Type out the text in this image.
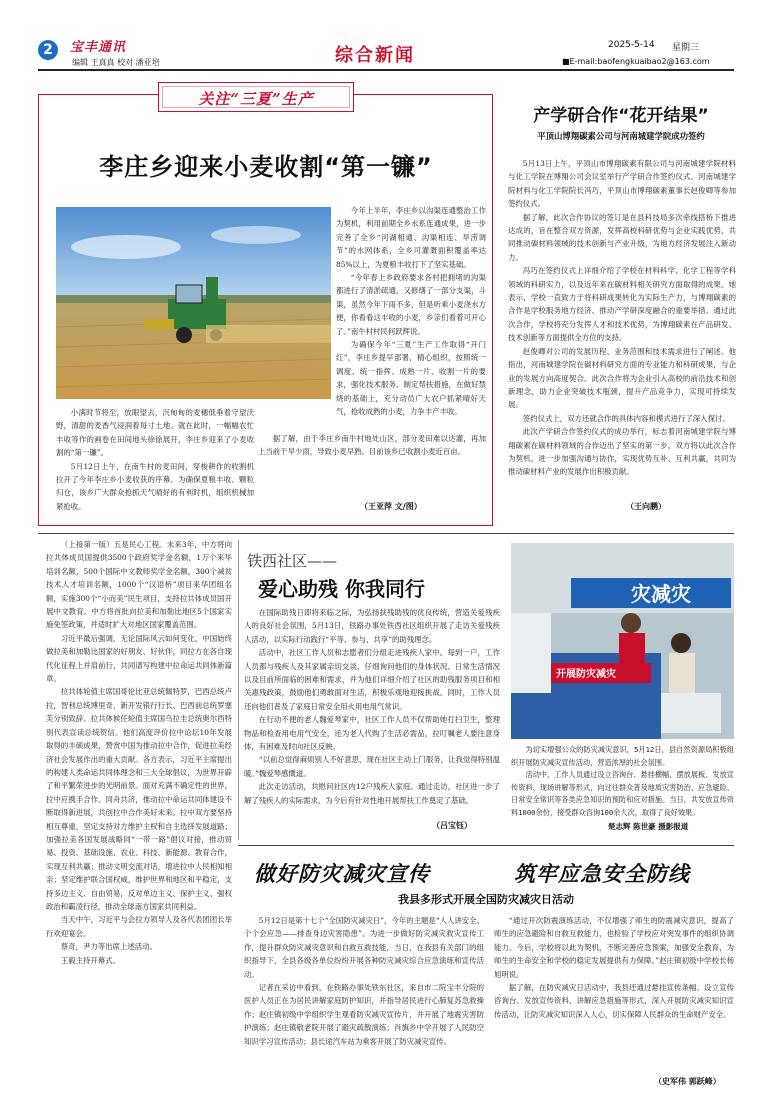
2	宝丰通讯
编辑 王真真 校对 潘亚培	综合新闻	2025-5-14 星期三
■E-mail:baofengkuaibao2@163.com
关注“三夏”生产
李庄乡迎来小麦收割“第一镰”

今年上半年，李庄乡以沟渠连通整治工作为契机，利用前期全乡水系连通成果，进一步完善了全乡“河湖相通、沟渠相连、旱涝调节”的水网体系，全乡可灌溉面积覆盖率达85%以上，为夏粮丰收打下了坚实基础。

“今年春上乡政府要求各村把拥堵的沟渠都进行了清淤疏通，又修缮了一部分支渠，斗渠，虽然今年下雨不多，但是听乘小麦浇水方便，你看看这丰收的小麦，乡亲们看着可开心了。”南牛村村民何跃辉说。

为确保今年“三夏”生产工作取得“开门红”，李庄乡提早部署，精心组织，按照统一调度、统一指挥、成熟一片、收割一片的要求，强化技术服务、制定帮扶措施，在做好禁烧的基础上，充分动员广大农户抓紧晴好天气，抢收成熟的小麦，力争丰产丰收。

小满时节将至，放眼望去，沉甸甸的麦穗低垂着守望沃野，清甜的麦香气浸润着每寸土地。就在此时，一幅幅农忙丰收等作的画卷在田间地头徐徐展开，李庄乡迎来了小麦收割的“第一镰”。

5月12日上午，在南牛村的麦田间，穿梭耕作的收割机拉开了今年李庄乡小麦收获的序幕。为确保夏粮丰收、颗粒归仓，该乡广大群众抢抓天气晴好的有利时机，组织机械加紧抢收。

据了解，由于李庄乡南牛村地处山区，部分麦田难以达灌，再加上当前干旱少雨，导致小麦早熟。目前该乡已收割小麦近百亩。

（王亚萍 文/图）
产学研合作“花开结果”
平顶山博翔碳素公司与河南城建学院成功签约

5月13日上午，平顶山市博翔碳素有限公司与河南城建学院材料与化工学院在博翔公司会议室举行产学研合作签约仪式。河南城建学院材料与化工学院院长冯巧，平顶山市博翔碳素董事长赵俊卿等参加签约仪式。

据了解，此次合作协议的签订是在县科技局多次牵线搭桥下推进达成的，旨在整合双方资源，发挥高校科研优势与企业实践优势，共同推动碳材料领域的技术创新与产业升级，为地方经济发展注入新动力。

冯巧在签约仪式上详细介绍了学校在材料科学、化学工程等学科领域的科研实力，以及近年来在碳材料相关研究方面取得的成果。她表示，学校一直致力于将科研成果转化为实际生产力，与博翔碳素的合作是学校服务地方经济、推动产学研深度融合的重要举措。通过此次合作，学校将充分发挥人才和技术优势，为博翔碳素在产品研发、技术创新等方面提供全方位的支持。

赵俊卿对公司的发展历程、业务范围和技术需求进行了阐述。他指出，河南城建学院在碳材料研究方面的专业能力和科研成果，与企业的发展方向高度契合。此次合作将为企业引入高校的前沿技术和创新理念，助力企业突破技术瓶颈，提升产品竞争力，实现可持续发展。

签约仪式上，双方还就合作的具体内容和模式进行了深入探讨。

此次产学研合作签约仪式的成功举行，标志着河南城建学院与博翔碳素在碳材料领域的合作迈出了坚实的第一步。双方将以此次合作为契机，进一步加强沟通与协作，实现优势互补、互利共赢，共同为推动碳材料产业的发展作出积极贡献。

（王向鹏）

（上接第一版）五是民心工程。未来3年，中方将向拉共体成员国提供3500个政府奖学金名额，1万个来华培训名额，500个国际中文教师奖学金名额，300个减贫技术人才培训名额，1000个“汉语桥”项目来华团组名额，实施300个“小而美”民生项目，支持拉共体成员国开展中文教育。中方将首批向拉美和加勒比地区5个国家实施免签政策，并适时扩大对地区国家覆盖范围。

习近平最后强调，无论国际风云如何变化，中国始终做拉美和加勒比国家的好朋友、好伙伴，同拉方在各自现代化征程上并肩前行，共同谱写构建中拉命运共同体新篇章。

拉共体轮值主席国哥伦比亚总统佩特罗，巴西总统卢拉，智利总统博里奇，新开发银行行长、巴西前总统罗塞芙分别致辞。拉共体候任轮值主席国乌拉圭总统奥尔西特别代表宣读总统贺信。他们高度评价拉中论坛10年发展取得的丰硕成果，赞赏中国为推动拉中合作，促进拉美经济社会发展作出的重大贡献。各方表示，习近平主席提出的构建人类命运共同体理念和三大全球倡议，为世界开辟了和平繁荣进步的光明前景。面对充满不确定性的世界，拉中应携手合作、同舟共济，推动拉中命运共同体建设不断取得新进展，共创拉中合作美好未来。拉中双方要坚持相互尊重，坚定支持对方维护主权和自主选择发展道路；加强拉美各国发展战略同“一带一路”倡议对接，推动贸易、投资、基础设施、农业、科技、新能源、教育合作，实现互利共赢；推动文明交流对话，增进拉中人民相知相亲；坚定维护联合国权威，维护世界和地区和平稳定，支持多边主义、自由贸易，反对单边主义、保护主义、强权政治和霸凌行径，推动全球南方国家共同利益。

当天中午，习近平与会拉方领导人及各代表团团长举行欢迎宴会。

蔡奇，尹力等出席上述活动。

王毅主持开幕式。

铁西社区——
爱心助残 你我同行

在国际助残日即将来临之际，为弘扬扶残助残的优良传统，营造关爱残疾人的良好社会氛围，5月13日，铁路办事处铁西社区组织开展了走访关爱残疾人活动，以实际行动践行“平等、参与、共享”的助残理念。

活动中，社区工作人员和志愿者们分组走进残疾人家中。每到一户，工作人员都与残疾人及其家属亲切交谈，仔细询问他们的身体状况、日常生活情况以及目前所面临的困难和需求，并为他们详细介绍了社区的助残服务项目和相关惠残政策，鼓励他们勇敢面对生活，积极乐观地迎接挑战。同时，工作人员还向他们普及了家庭日常安全用火用电用气常识。

在行动不便的老人魏爱琴家中，社区工作人员不仅帮助她打扫卫生，整理物品和检查用电用气安全，还为老人代购了生活必需品，拉叮嘱老人要注意身体，有困难及时向社区反映。

“以前总觉得麻烦别人不好意思，现在社区主动上门服务，让我觉得特别温暖。”魏爱琴感慨道。

此次走访活动，共慰问社区内12户残疾人家庭。通过走访，社区进一步了解了残疾人的实际需求，为今后有针对性地开展帮扶工作奠定了基础。

（吕宝钰）
灾减灾
开展防灾减灾

为切实增强公众的防灾减灾意识，5月12日，县自然资源局积极组织开展防灾减灾宣传活动，营造浓厚的社会氛围。

活动中，工作人员通过设立咨询台、悬挂横幅、摆放展板、发放宣传资料、现场讲解等形式，向过往群众普及地质灾害防治、应急避险、日常安全常识等各类应急知识的预防和应对措施。当日，共发放宣传资料1000余份，接受群众咨询100余人次，取得了良好效果。

楚志辉 陈世豪 摄影报道
做好防灾减灾宣传	筑牢应急安全防线
我县多形式开展全国防灾减灾日活动

5月12日是第十七个“全国防灾减灾日”，今年的主题是“人人讲安全、个个会应急——排查身边灾害隐患”。为进一步做好防灾减灾救灾宣传工作，提升群众防灾减灾意识和自救互救技能，当日，在我县有关部门的组织指导下，全县各级各单位纷纷开展各种防灾减灾综合应急演练和宣传活动。

记者在采访中看到，在铁路办事处铁东社区，来自市二院宝丰分院的医护人员正在为居民讲解家庭防护知识，并指导居民进行心肺复苏急救操作；赵庄镇初级中学组织学生观看防灾减灾宣传片，并开展了地震灾害防护演练；赵庄镇敬老院开展了避灾疏散演练；肖旗乡中学开展了人民防空知识学习宣传活动；县长途汽车站为乘客开展了防灾减灾宣传。

“通过开次防震演练活动，不仅增强了师生的防震减灾意识，提高了师生的应急避险和自救互救能力，也检验了学校应对突发事件的组织协调能力。今后，学校将以此为契机，不断完善应急预案，加强安全教育，为师生的生命安全和学校的稳定发展提供有力保障。”赵庄镇初级中学校长杨旭明说。

据了解，在防灾减灾日活动中，我县还通过悬挂宣传条幅、设立宣传咨询台、发放宣传资料、讲解应急措施等形式，深入开展防灾减灾知识宣传活动，让防灾减灾知识深入人心，切实保障人民群众的生命财产安全。

（史军伟 郭跃峰）
